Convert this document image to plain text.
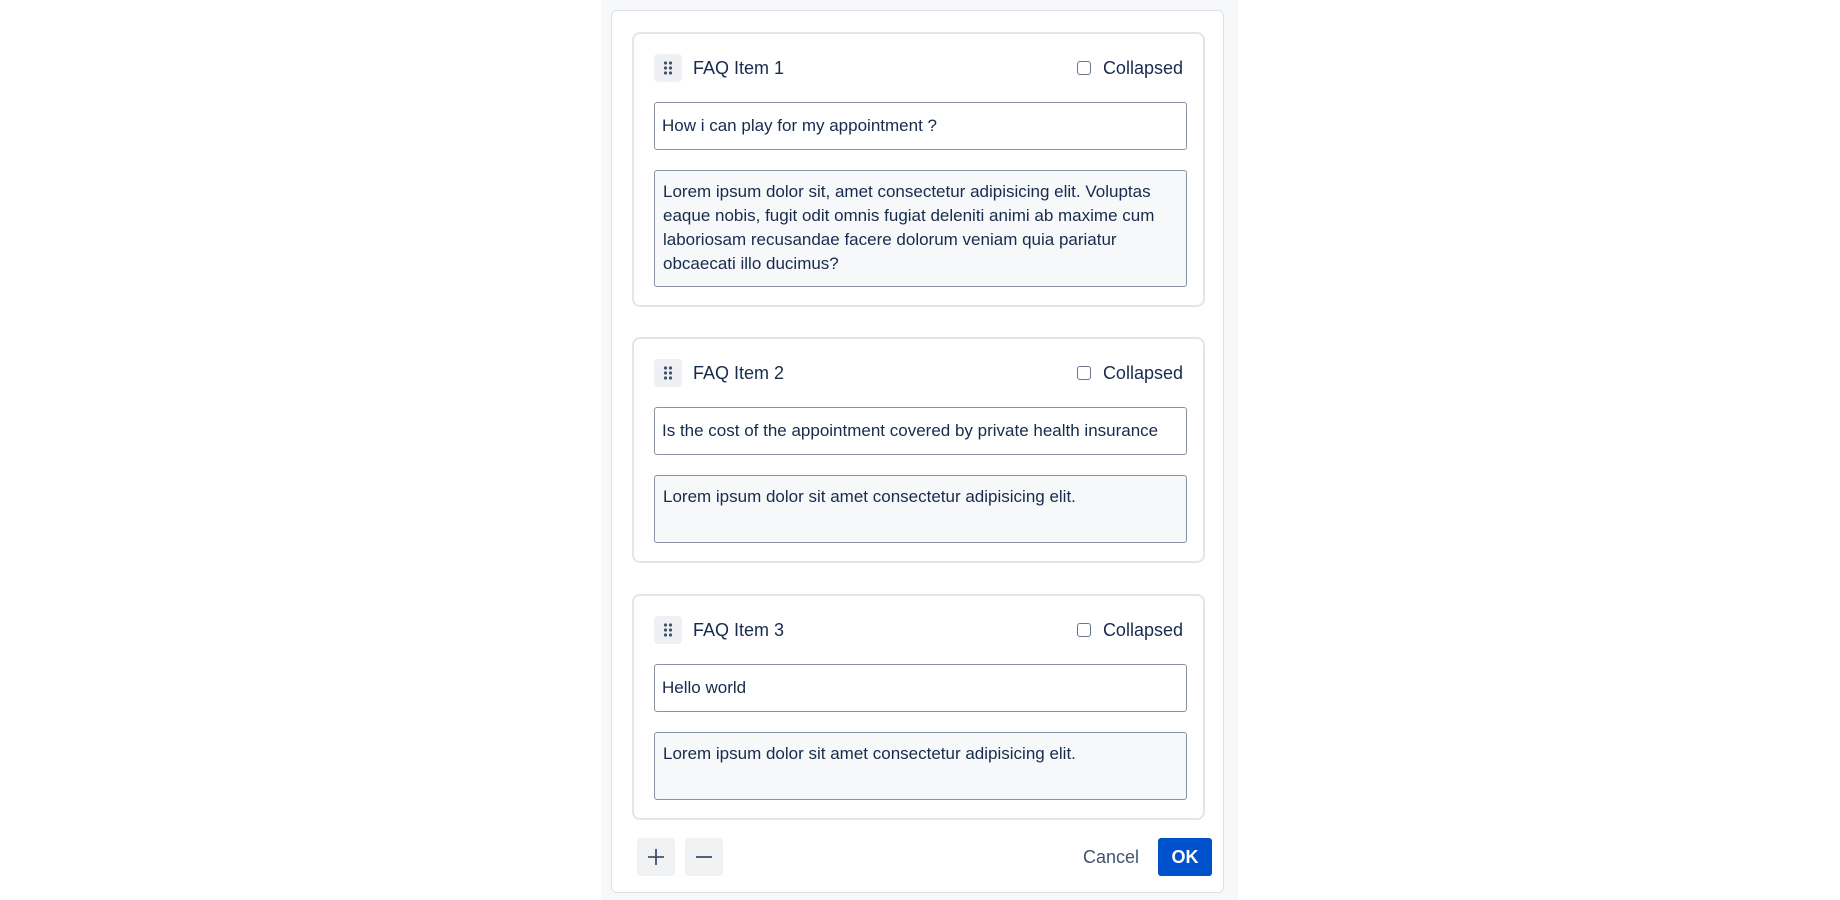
FAQ Item 1	Collapsed
How i can play for my appointment ?
Lorem ipsum dolor sit, amet consectetur adipisicing elit. Voluptas eaque nobis, fugit odit omnis fugiat deleniti animi ab maxime cum laboriosam recusandae facere dolorum veniam quia pariatur obcaecati illo ducimus?
FAQ Item 2	Collapsed
Is the cost of the appointment covered by private health insurance
Lorem ipsum dolor sit amet consectetur adipisicing elit.
FAQ Item 3	Collapsed
Hello world
Lorem ipsum dolor sit amet consectetur adipisicing elit.
Cancel	OK
